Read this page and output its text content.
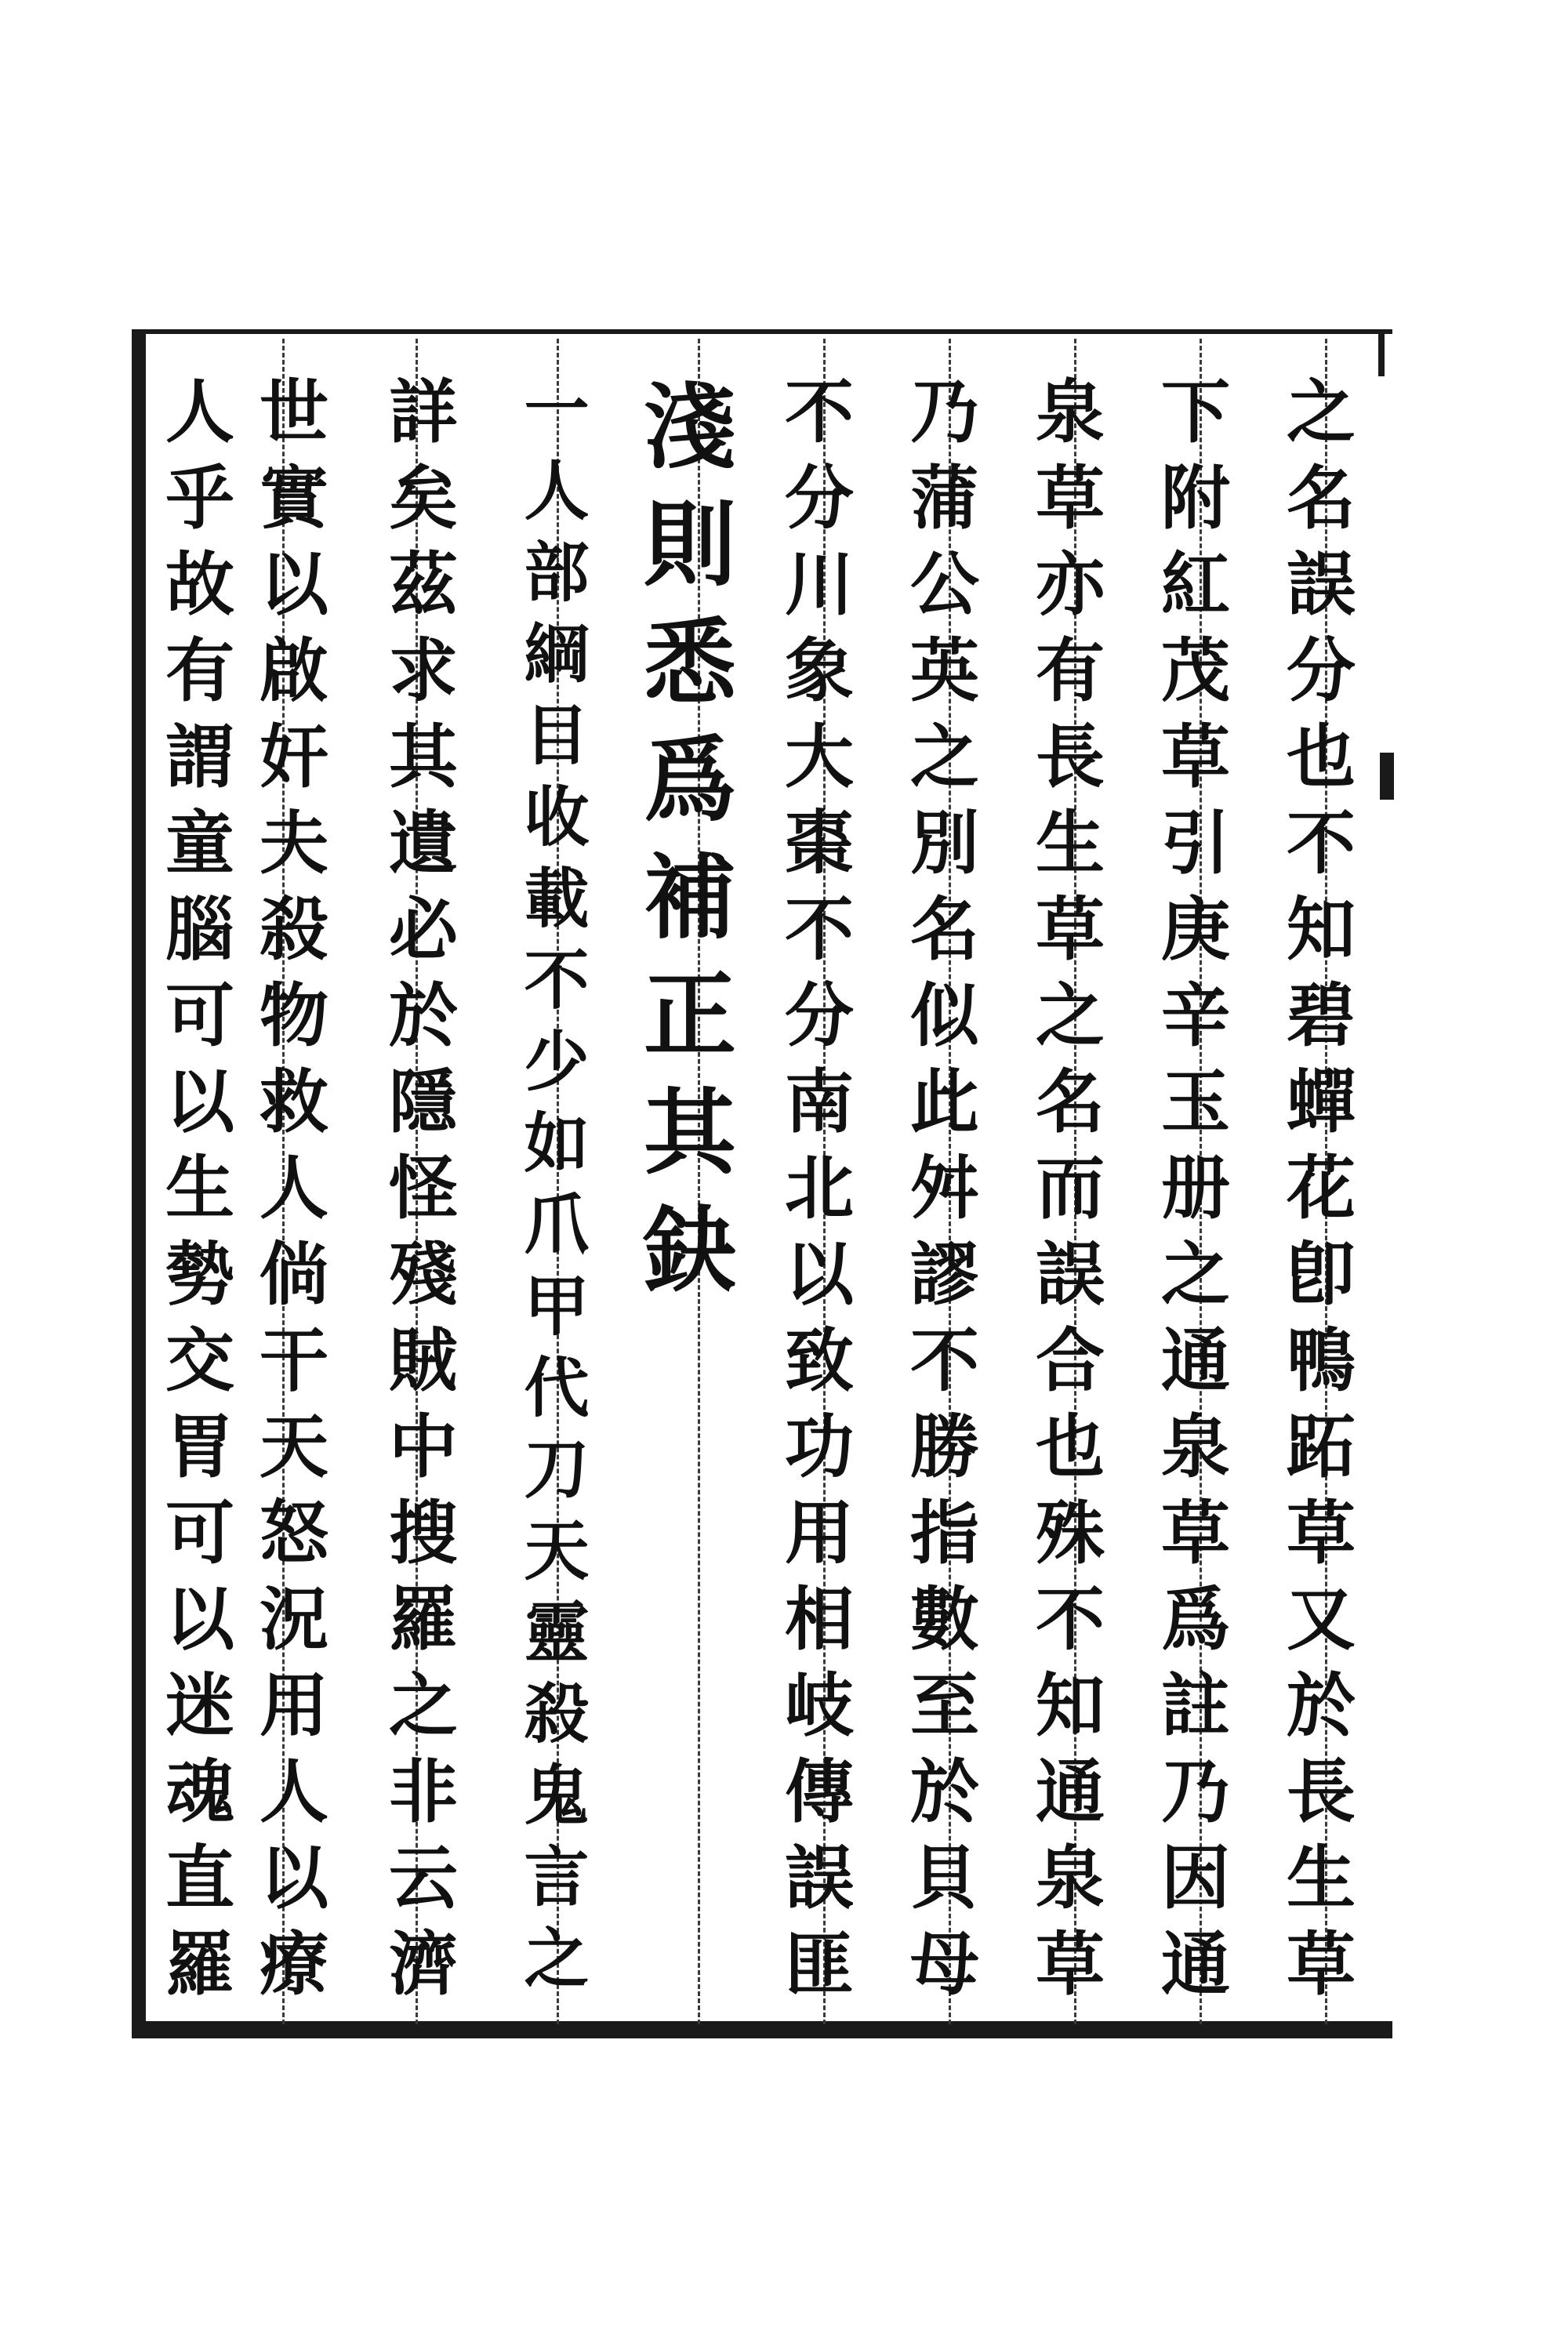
之
名
誤
分
也
不
知
碧
蟬
花
卽
鴨
跖
草
又
於
長
生
草
下
附
紅
茂
草
引
庚
辛
玉
册
之
通
泉
草
爲
註
乃
因
通
泉
草
亦
有
長
生
草
之
名
而
誤
合
也
殊
不
知
通
泉
草
乃
蒲
公
英
之
別
名
似
此
舛
謬
不
勝
指
數
至
於
貝
母
不
分
川
象
大
棗
不
分
南
北
以
致
功
用
相
岐
傳
誤
匪
淺
則
悉
爲
補
正
其
鈌
一
人
部
綱
目
收
載
不
少
如
爪
甲
代
刀
天
靈
殺
鬼
言
之
詳
矣
茲
求
其
遺
必
於
隱
怪
殘
賊
中
搜
羅
之
非
云
濟
世
實
以
啟
奸
夫
殺
物
救
人
倘
干
天
怒
況
用
人
以
療
人
乎
故
有
謂
童
腦
可
以
生
勢
交
胃
可
以
迷
魂
直
羅
